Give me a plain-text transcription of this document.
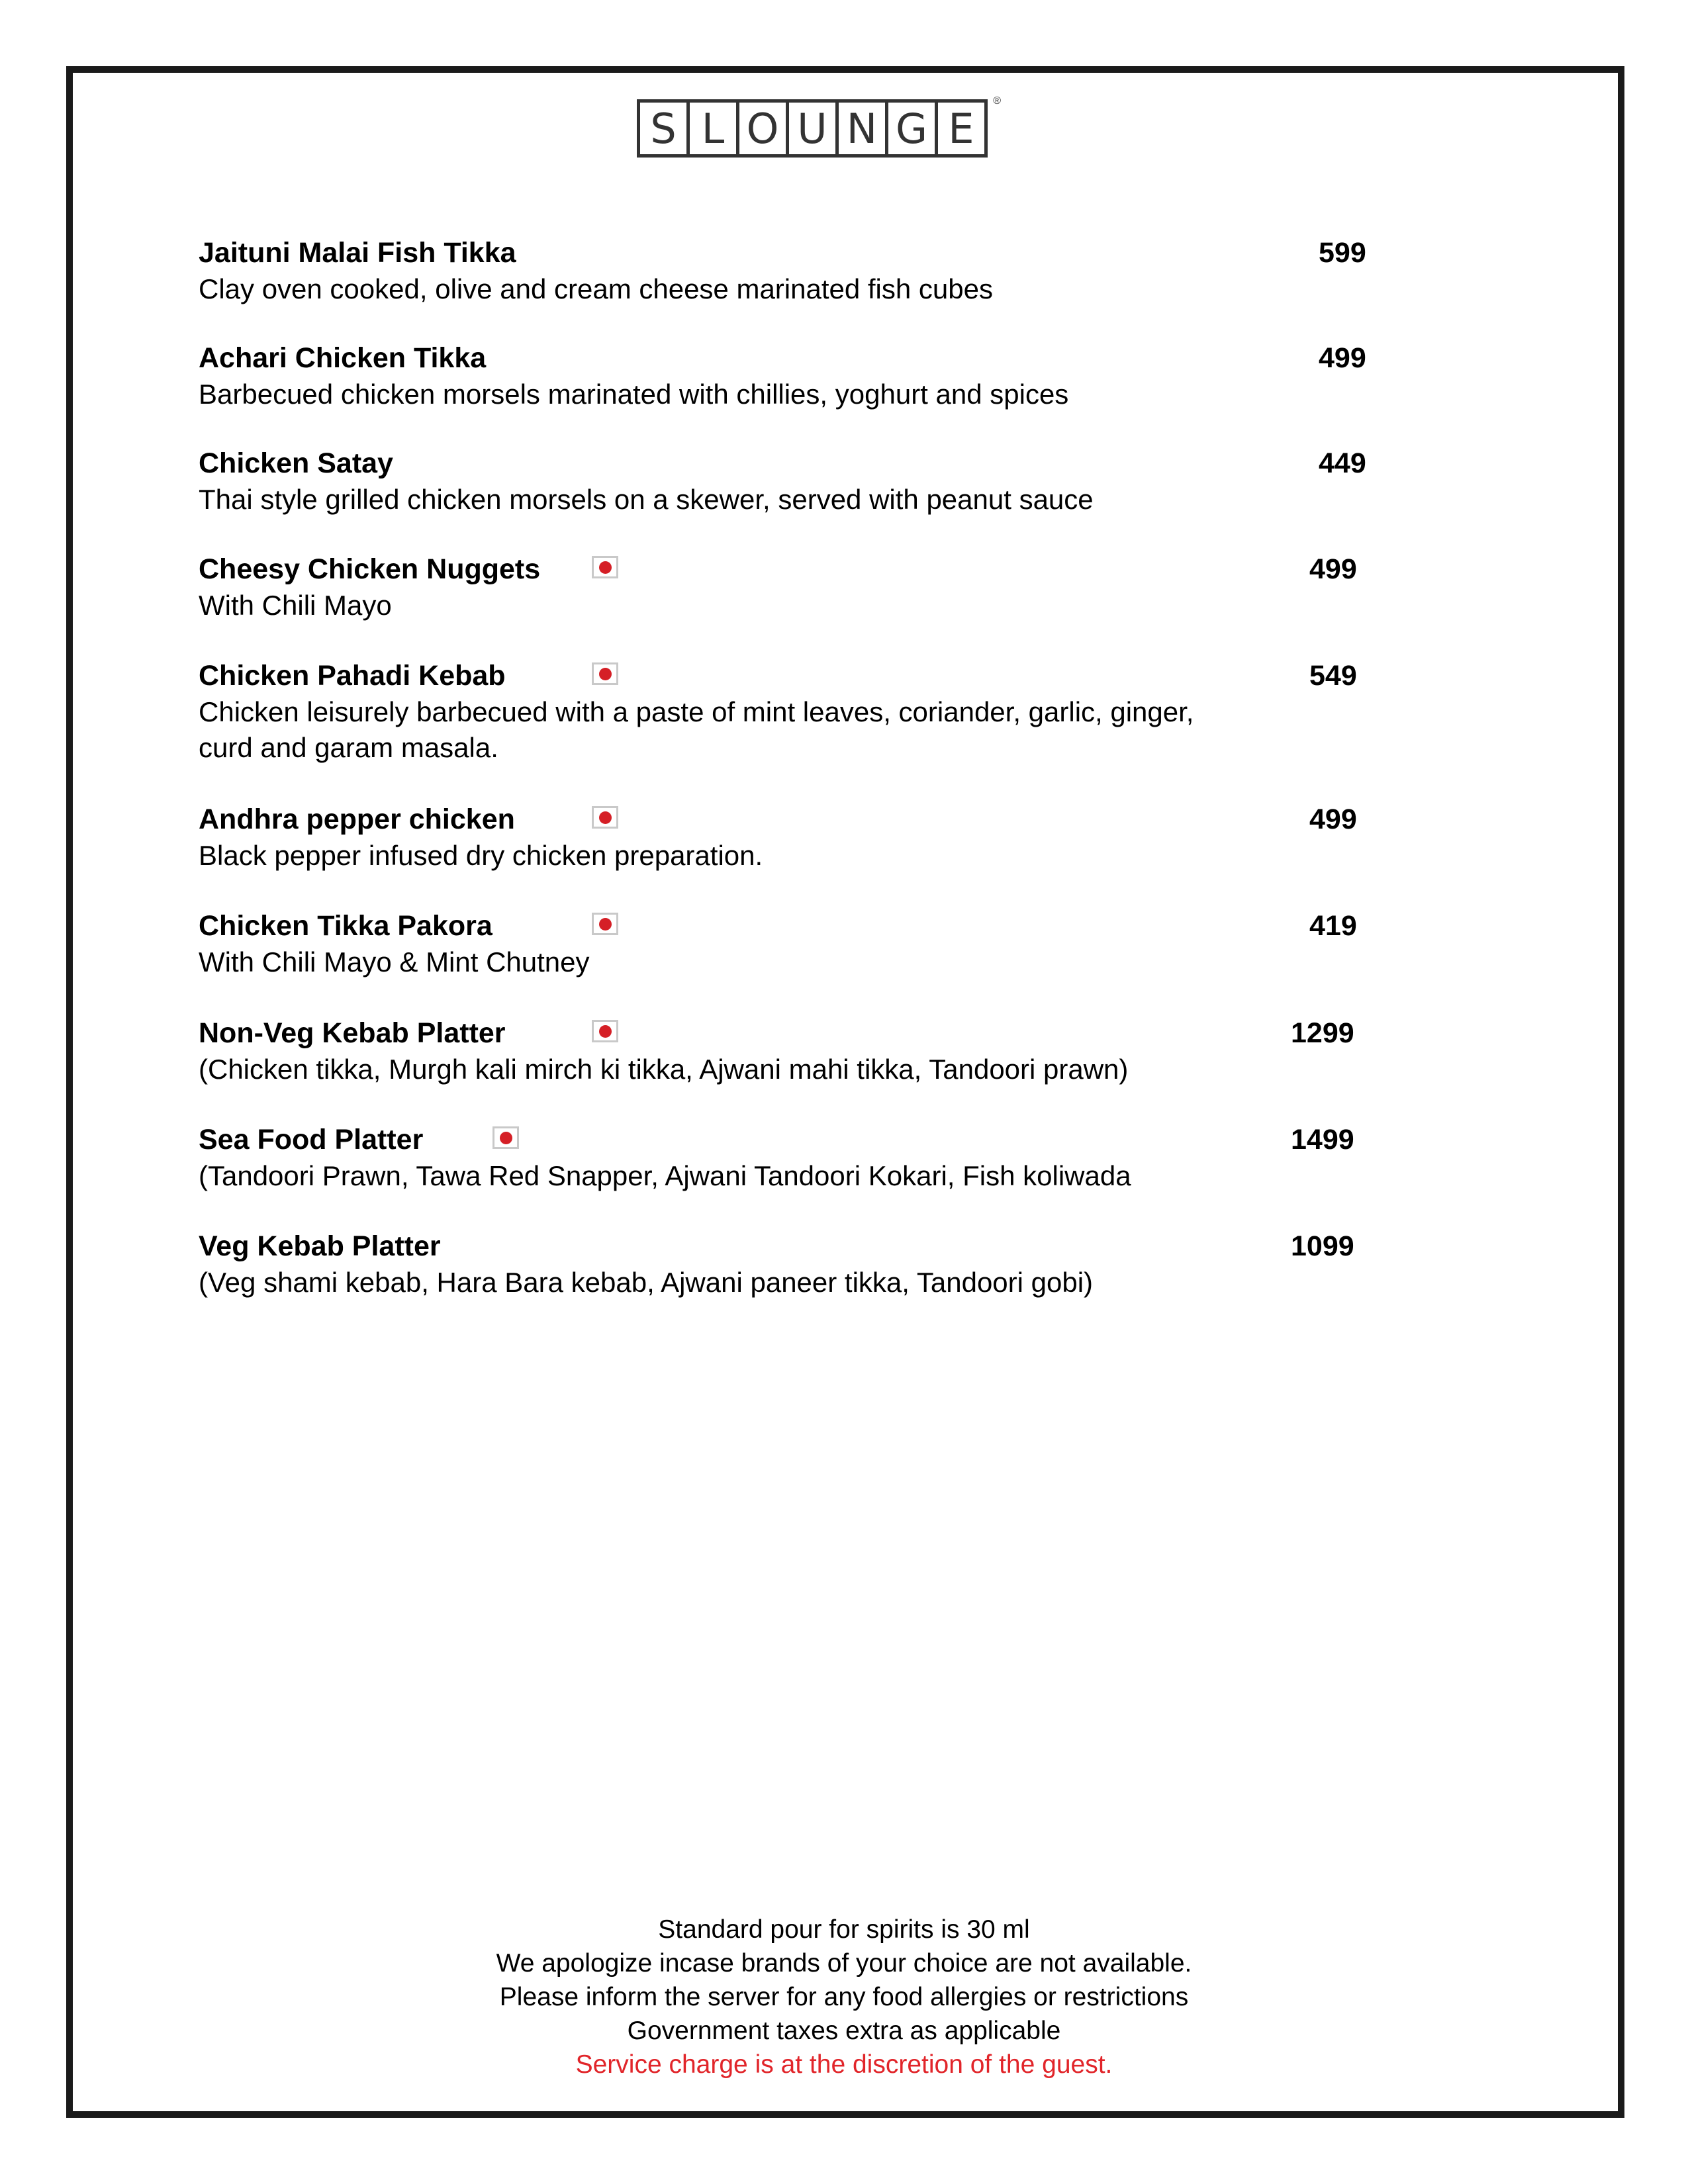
S L O U N G E
®
Jaituni Malai Fish Tikka
Clay oven cooked, olive and cream cheese marinated fish cubes
599
Achari Chicken Tikka
Barbecued chicken morsels marinated with chillies, yoghurt and spices
499
Chicken Satay
Thai style grilled chicken morsels on a skewer, served with peanut sauce
449
Cheesy Chicken Nuggets
With Chili Mayo
499
Chicken Pahadi Kebab
Chicken leisurely barbecued with a paste of mint leaves, coriander, garlic, ginger, curd and garam masala.
549
Andhra pepper chicken
Black pepper infused dry chicken preparation.
499
Chicken Tikka Pakora
With Chili Mayo & Mint Chutney
419
Non-Veg Kebab Platter
(Chicken tikka, Murgh kali mirch ki tikka, Ajwani mahi tikka, Tandoori prawn)
1299
Sea Food Platter
(Tandoori Prawn, Tawa Red Snapper, Ajwani Tandoori Kokari, Fish koliwada
1499
Veg Kebab Platter
(Veg shami kebab, Hara Bara kebab, Ajwani paneer tikka, Tandoori gobi)
1099
Standard pour for spirits is 30 ml
We apologize incase brands of your choice are not available.
Please inform the server for any food allergies or restrictions
Government taxes extra as applicable
Service charge is at the discretion of the guest.
